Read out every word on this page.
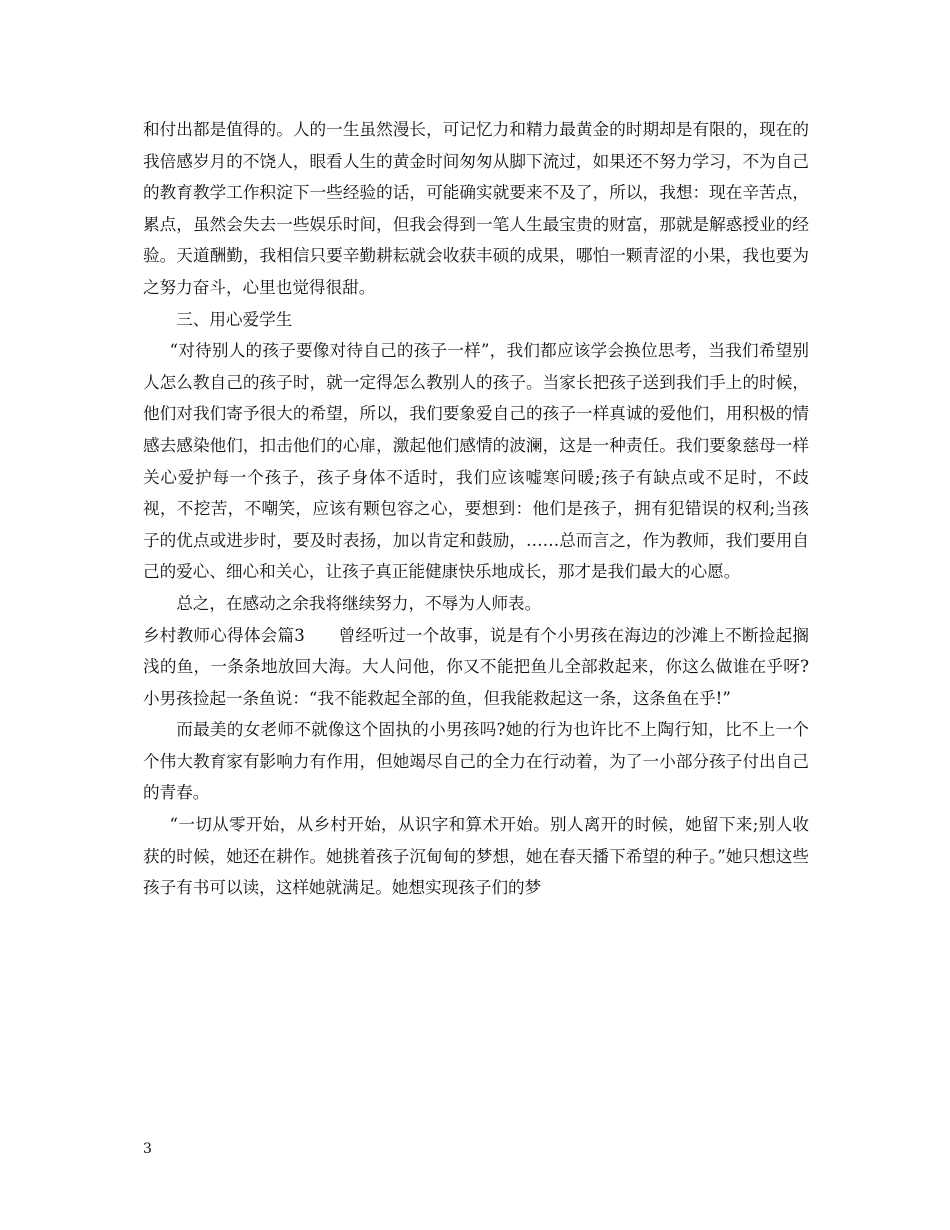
和付出都是值得的。人的一生虽然漫长，可记忆力和精力最黄金的时期却是有限的，现在的我倍感岁月的不饶人，眼看人生的黄金时间匆匆从脚下流过，如果还不努力学习，不为自己的教育教学工作积淀下一些经验的话，可能确实就要来不及了，所以，我想：现在辛苦点，累点，虽然会失去一些娱乐时间，但我会得到一笔人生最宝贵的财富，那就是解惑授业的经验。天道酬勤，我相信只要辛勤耕耘就会收获丰硕的成果，哪怕一颗青涩的小果，我也要为之努力奋斗，心里也觉得很甜。

三、用心爱学生

“对待别人的孩子要像对待自己的孩子一样”，我们都应该学会换位思考，当我们希望别人怎么教自己的孩子时，就一定得怎么教别人的孩子。当家长把孩子送到我们手上的时候，他们对我们寄予很大的希望，所以，我们要象爱自己的孩子一样真诚的爱他们，用积极的情感去感染他们，扣击他们的心扉，激起他们感情的波澜，这是一种责任。我们要象慈母一样关心爱护每一个孩子，孩子身体不适时，我们应该嘘寒问暖;孩子有缺点或不足时，不歧视，不挖苦，不嘲笑，应该有颗包容之心，要想到：他们是孩子，拥有犯错误的权利;当孩子的优点或进步时，要及时表扬，加以肯定和鼓励，……总而言之，作为教师，我们要用自己的爱心、细心和关心，让孩子真正能健康快乐地成长，那才是我们最大的心愿。

总之，在感动之余我将继续努力，不辱为人师表。

乡村教师心得体会篇3　　曾经听过一个故事，说是有个小男孩在海边的沙滩上不断捡起搁浅的鱼，一条条地放回大海。大人问他，你又不能把鱼儿全部救起来，你这么做谁在乎呀?小男孩捡起一条鱼说：“我不能救起全部的鱼，但我能救起这一条，这条鱼在乎!”

而最美的女老师不就像这个固执的小男孩吗?她的行为也许比不上陶行知，比不上一个个伟大教育家有影响力有作用，但她竭尽自己的全力在行动着，为了一小部分孩子付出自己的青春。

“一切从零开始，从乡村开始，从识字和算术开始。别人离开的时候，她留下来;别人收获的时候，她还在耕作。她挑着孩子沉甸甸的梦想，她在春天播下希望的种子。”她只想这些孩子有书可以读，这样她就满足。她想实现孩子们的梦

3
